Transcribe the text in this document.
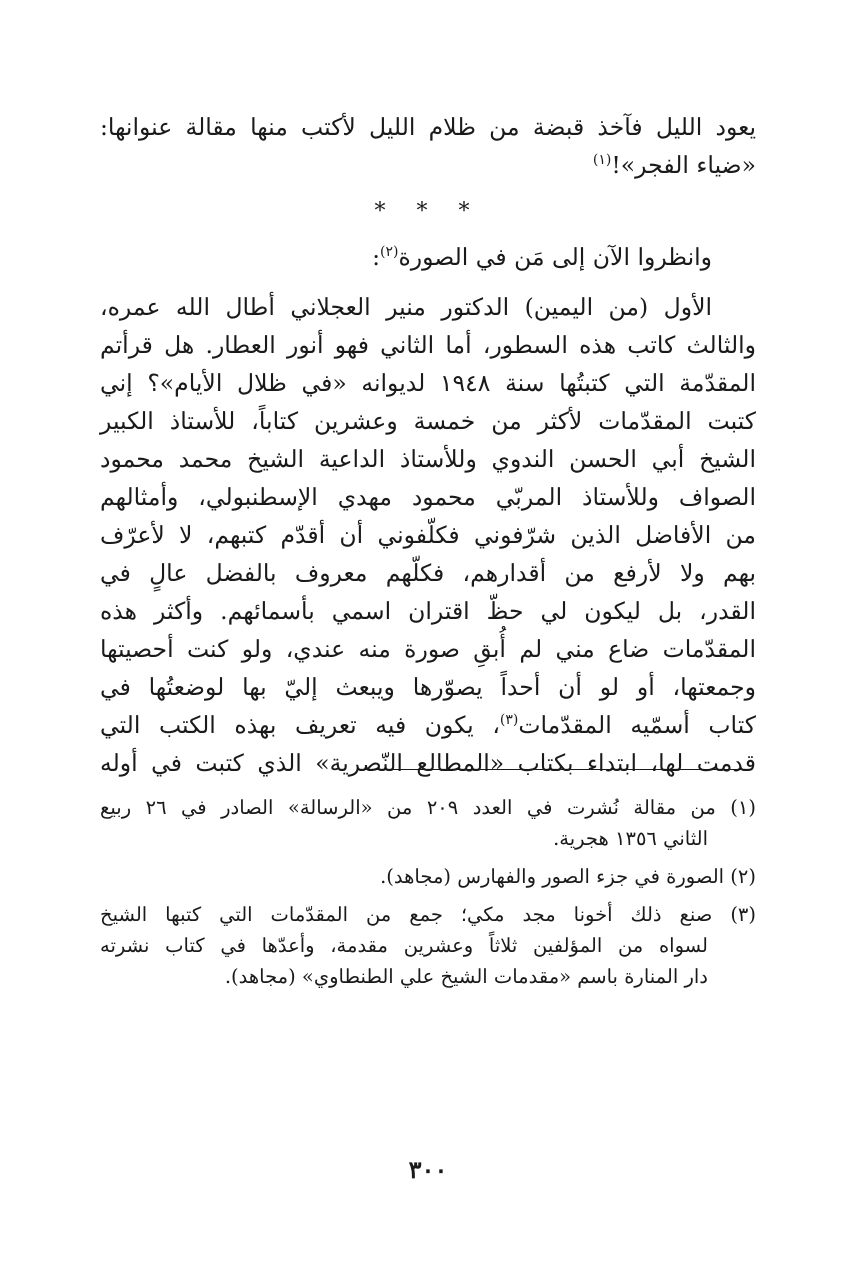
يعود الليل فآخذ قبضة من ظلام الليل لأكتب منها مقالة عنوانها:
«ضياء الفجر»!$^{(١)}$
* * *
وانظروا الآن إلى مَن في الصورة$^{(٢)}$:
الأول (من اليمين) الدكتور منير العجلاني أطال الله عمره،
والثالث كاتب هذه السطور، أما الثاني فهو أنور العطار. هل قرأتم
المقدّمة التي كتبتُها سنة ١٩٤٨ لديوانه «في ظلال الأيام»؟ إني
كتبت المقدّمات لأكثر من خمسة وعشرين كتاباً، للأستاذ الكبير
الشيخ أبي الحسن الندوي وللأستاذ الداعية الشيخ محمد محمود
الصواف وللأستاذ المربّي محمود مهدي الإسطنبولي، وأمثالهم
من الأفاضل الذين شرّفوني فكلّفوني أن أقدّم كتبهم، لا لأعرّف
بهم ولا لأرفع من أقدارهم، فكلّهم معروف بالفضل عالٍ في
القدر، بل ليكون لي حظّ اقتران اسمي بأسمائهم. وأكثر هذه
المقدّمات ضاع مني لم أُبقِ صورة منه عندي، ولو كنت أحصيتها
وجمعتها، أو لو أن أحداً يصوّرها ويبعث إليّ بها لوضعتُها في
كتاب أسمّيه المقدّمات$^{(٣)}$، يكون فيه تعريف بهذه الكتب التي
قدمت لها، ابتداء بكتاب «المطالع النّصرية» الذي كتبت في أوله
(١) من مقالة نُشرت في العدد ٢٠٩ من «الرسالة» الصادر في ٢٦ ربيع
الثاني ١٣٥٦ هجرية.
(٢) الصورة في جزء الصور والفهارس (مجاهد).
(٣) صنع ذلك أخونا مجد مكي؛ جمع من المقدّمات التي كتبها الشيخ
لسواه من المؤلفين ثلاثاً وعشرين مقدمة، وأعدّها في كتاب نشرته
دار المنارة باسم «مقدمات الشيخ علي الطنطاوي» (مجاهد).
٣٠٠
